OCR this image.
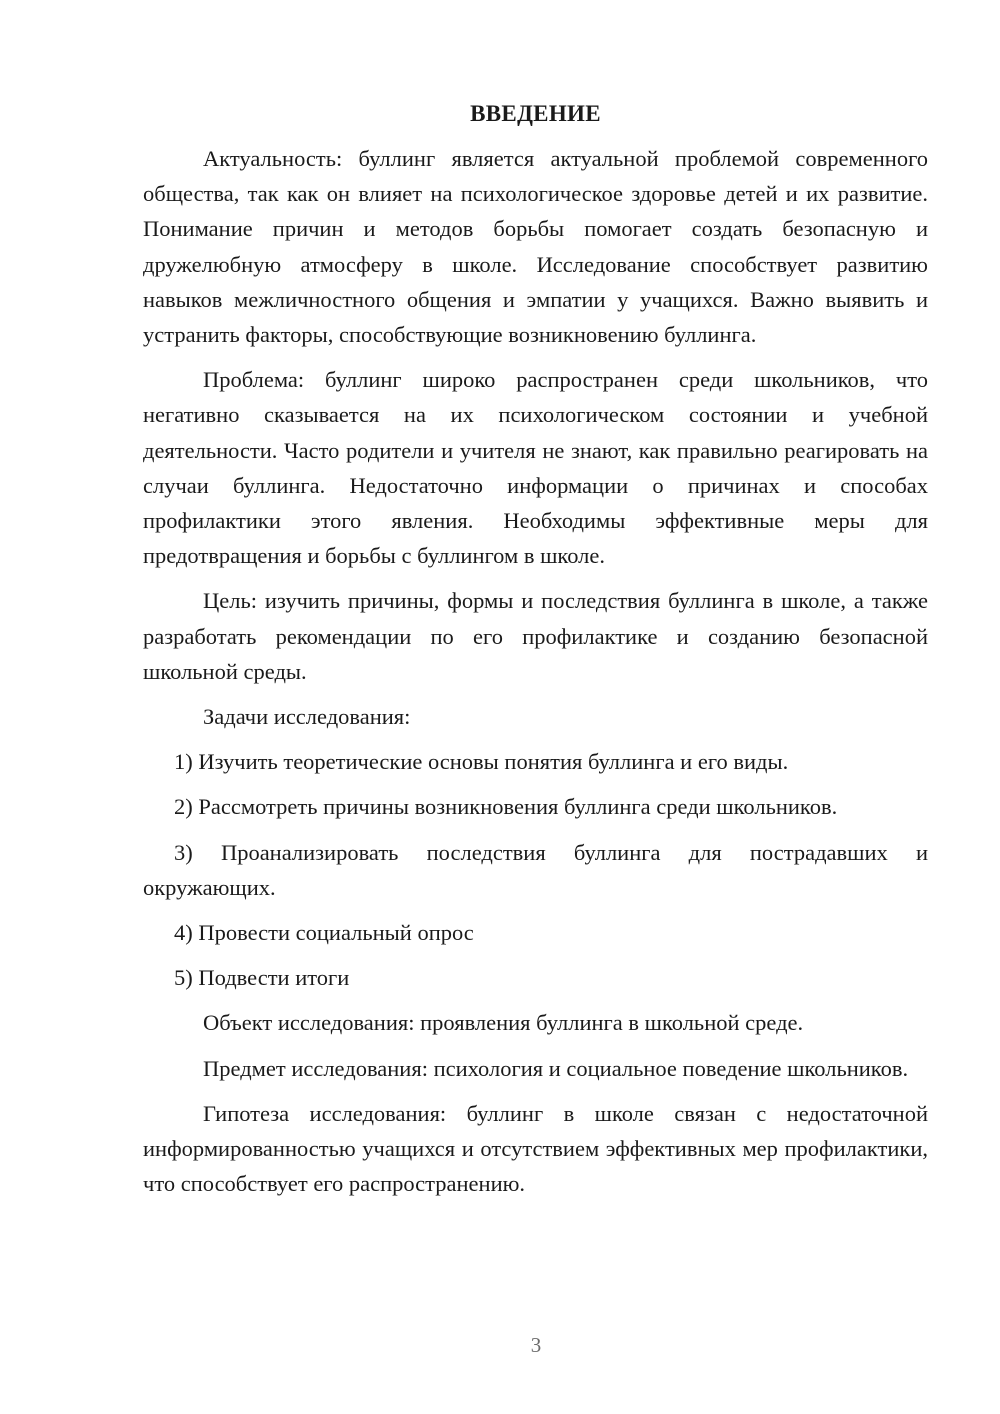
ВВЕДЕНИЕ

Актуальность: буллинг является актуальной проблемой современного общества, так как он влияет на психологическое здоровье детей и их развитие. Понимание причин и методов борьбы помогает создать безопасную и дружелюбную атмосферу в школе. Исследование способствует развитию навыков межличностного общения и эмпатии у учащихся. Важно выявить и устранить факторы, способствующие возникновению буллинга.

Проблема: буллинг широко распространен среди школьников, что негативно сказывается на их психологическом состоянии и учебной деятельности. Часто родители и учителя не знают, как правильно реагировать на случаи буллинга. Недостаточно информации о причинах и способах профилактики этого явления. Необходимы эффективные меры для предотвращения и борьбы с буллингом в школе.

Цель: изучить причины, формы и последствия буллинга в школе, а также разработать рекомендации по его профилактике и созданию безопасной школьной среды.

Задачи исследования:

1) Изучить теоретические основы понятия буллинга и его виды.

2) Рассмотреть причины возникновения буллинга среди школьников.

3) Проанализировать последствия буллинга для пострадавших и окружающих.

4) Провести социальный опрос

5) Подвести итоги

Объект исследования: проявления буллинга в школьной среде.

Предмет исследования: психология и социальное поведение школьников.

Гипотеза исследования: буллинг в школе связан с недостаточной информированностью учащихся и отсутствием эффективных мер профилактики, что способствует его распространению.

3
